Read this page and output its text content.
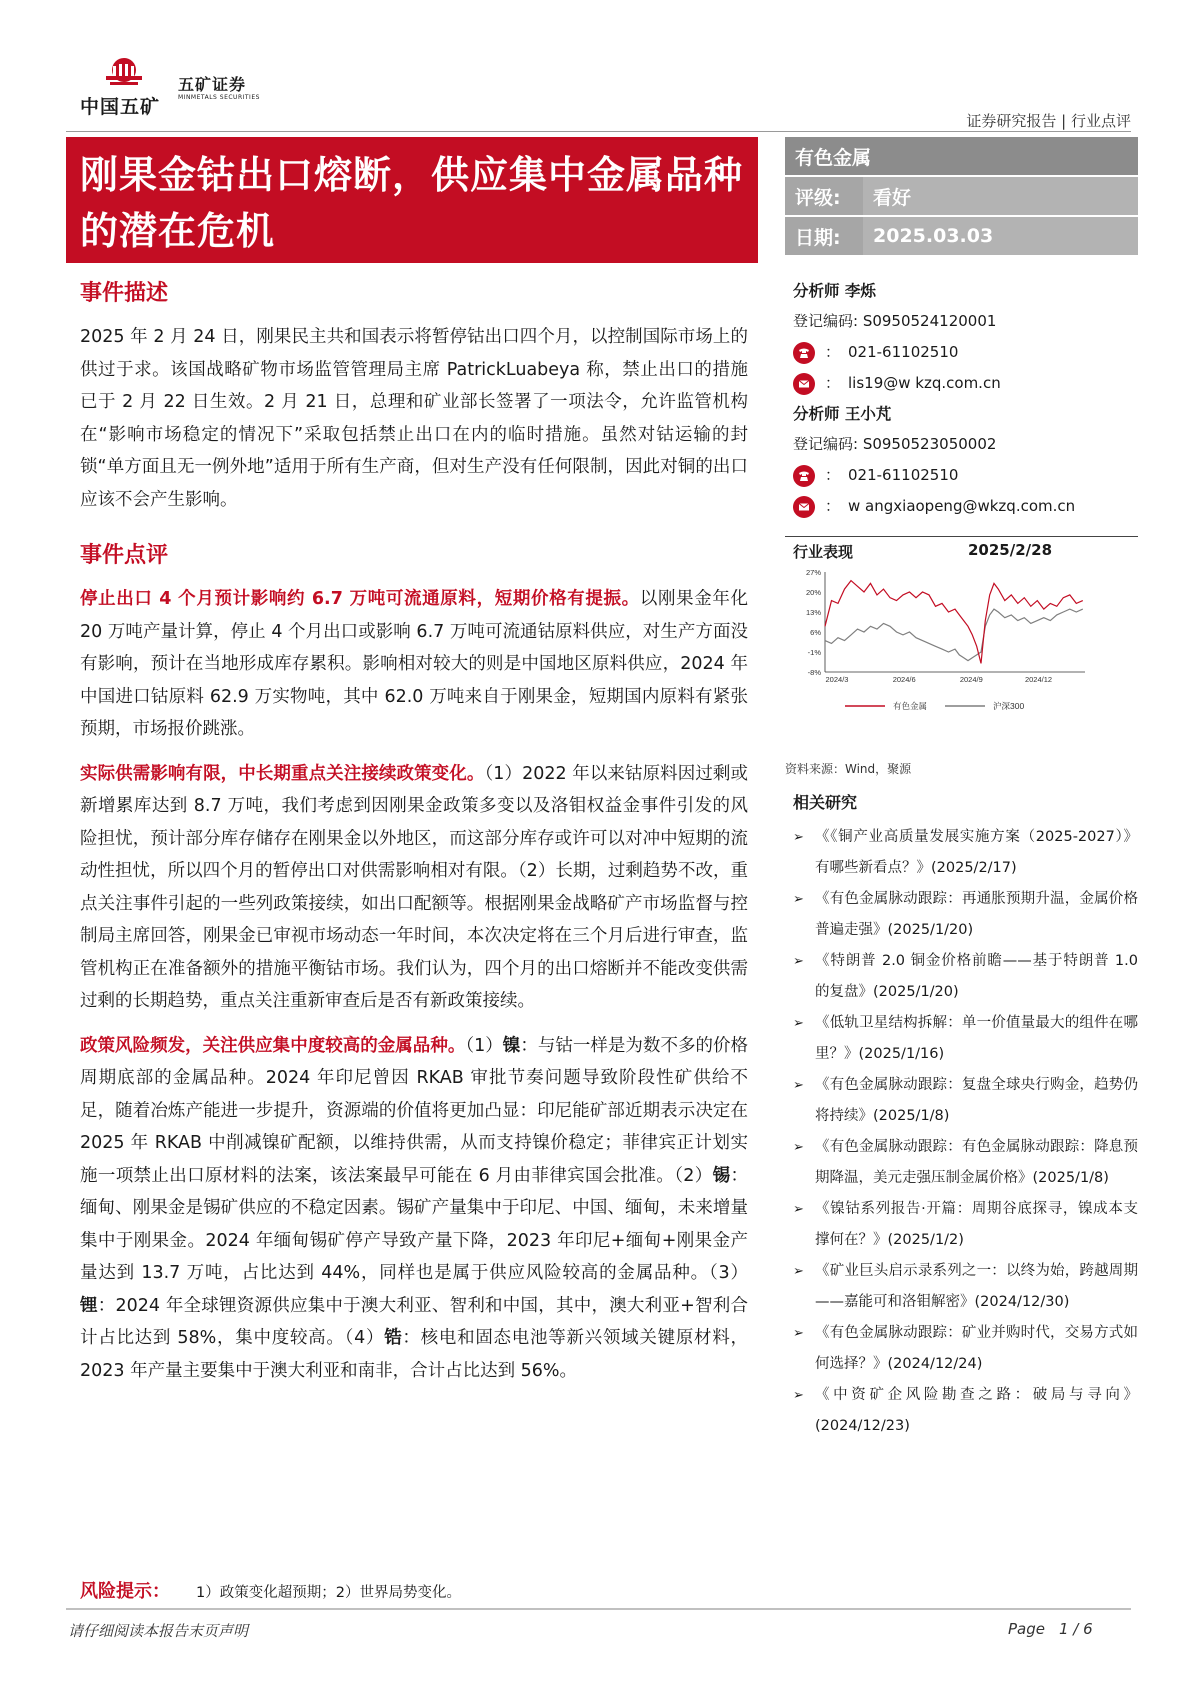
中国五矿
五矿证券
MINMETALS SECURITIES
证券研究报告 | 行业点评
刚果金钴出口熔断，供应集中金属品种
的潜在危机
有色金属
评级:	看好
日期:	2025.03.03
事件描述

2025 年 2 月 24 日，刚果民主共和国表示将暂停钴出口四个月，以控制国际市场上的供过于求。该国战略矿物市场监管管理局主席 PatrickLuabeya 称，禁止出口的措施已于 2 月 22 日生效。2 月 21 日，总理和矿业部长签署了一项法令，允许监管机构在“影响市场稳定的情况下”采取包括禁止出口在内的临时措施。虽然对钴运输的封锁“单方面且无一例外地”适用于所有生产商，但对生产没有任何限制，因此对铜的出口应该不会产生影响。

事件点评

停止出口 4 个月预计影响约 6.7 万吨可流通原料，短期价格有提振。以刚果金年化 20 万吨产量计算，停止 4 个月出口或影响 6.7 万吨可流通钴原料供应，对生产方面没有影响，预计在当地形成库存累积。影响相对较大的则是中国地区原料供应，2024 年中国进口钴原料 62.9 万实物吨，其中 62.0 万吨来自于刚果金，短期国内原料有紧张预期，市场报价跳涨。

实际供需影响有限，中长期重点关注接续政策变化。（1）2022 年以来钴原料因过剩或新增累库达到 8.7 万吨，我们考虑到因刚果金政策多变以及洛钼权益金事件引发的风险担忧，预计部分库存储存在刚果金以外地区，而这部分库存或许可以对冲中短期的流动性担忧，所以四个月的暂停出口对供需影响相对有限。（2）长期，过剩趋势不改，重点关注事件引起的一些列政策接续，如出口配额等。根据刚果金战略矿产市场监督与控制局主席回答，刚果金已审视市场动态一年时间，本次决定将在三个月后进行审查，监管机构正在准备额外的措施平衡钴市场。我们认为，四个月的出口熔断并不能改变供需过剩的长期趋势，重点关注重新审查后是否有新政策接续。

政策风险频发，关注供应集中度较高的金属品种。（1）镍：与钴一样是为数不多的价格周期底部的金属品种。2024 年印尼曾因 RKAB 审批节奏问题导致阶段性矿供给不足，随着冶炼产能进一步提升，资源端的价值将更加凸显：印尼能矿部近期表示决定在 2025 年 RKAB 中削减镍矿配额，以维持供需，从而支持镍价稳定；菲律宾正计划实施一项禁止出口原材料的法案，该法案最早可能在 6 月由菲律宾国会批准。（2）锡：缅甸、刚果金是锡矿供应的不稳定因素。锡矿产量集中于印尼、中国、缅甸，未来增量集中于刚果金。2024 年缅甸锡矿停产导致产量下降，2023 年印尼+缅甸+刚果金产量达到 13.7 万吨，占比达到 44%，同样也是属于供应风险较高的金属品种。（3）锂：2024 年全球锂资源供应集中于澳大利亚、智利和中国，其中，澳大利亚+智利合计占比达到 58%，集中度较高。（4）锆：核电和固态电池等新兴领域关键原材料，2023 年产量主要集中于澳大利亚和南非，合计占比达到 56%。

分析师 李烁
登记编码: S0950524120001
： 021-61102510
： lis19@w kzq.com.cn
分析师 王小芃
登记编码: S0950523050002
： 021-61102510
： w angxiaopeng@wkzq.com.cn
行业表现	2025/2/28
27%
20%
13%
6%
-1%
-8%
2024/3	2024/6	2024/9	2024/12
有色金属	沪深300
资料来源：Wind，聚源
相关研究
➢ 《《铜产业高质量发展实施方案（2025-2027）》有哪些新看点？》(2025/2/17)
➢ 《有色金属脉动跟踪：再通胀预期升温，金属价格普遍走强》(2025/1/20)
➢ 《特朗普 2.0 铜金价格前瞻——基于特朗普 1.0 的复盘》(2025/1/20)
➢ 《低轨卫星结构拆解：单一价值量最大的组件在哪里？》(2025/1/16)
➢ 《有色金属脉动跟踪：复盘全球央行购金，趋势仍将持续》(2025/1/8)
➢ 《有色金属脉动跟踪：有色金属脉动跟踪：降息预期降温，美元走强压制金属价格》(2025/1/8)
➢ 《镍钴系列报告·开篇：周期谷底探寻，镍成本支撑何在？》(2025/1/2)
➢ 《矿业巨头启示录系列之一：以终为始，跨越周期——嘉能可和洛钼解密》(2024/12/30)
➢ 《有色金属脉动跟踪：矿业并购时代，交易方式如何选择？》(2024/12/24)
➢ 《中资矿企风险勘查之路：破局与寻向》(2024/12/23)
风险提示： 1）政策变化超预期；2）世界局势变化。
请仔细阅读本报告末页声明	Page 1 / 6
